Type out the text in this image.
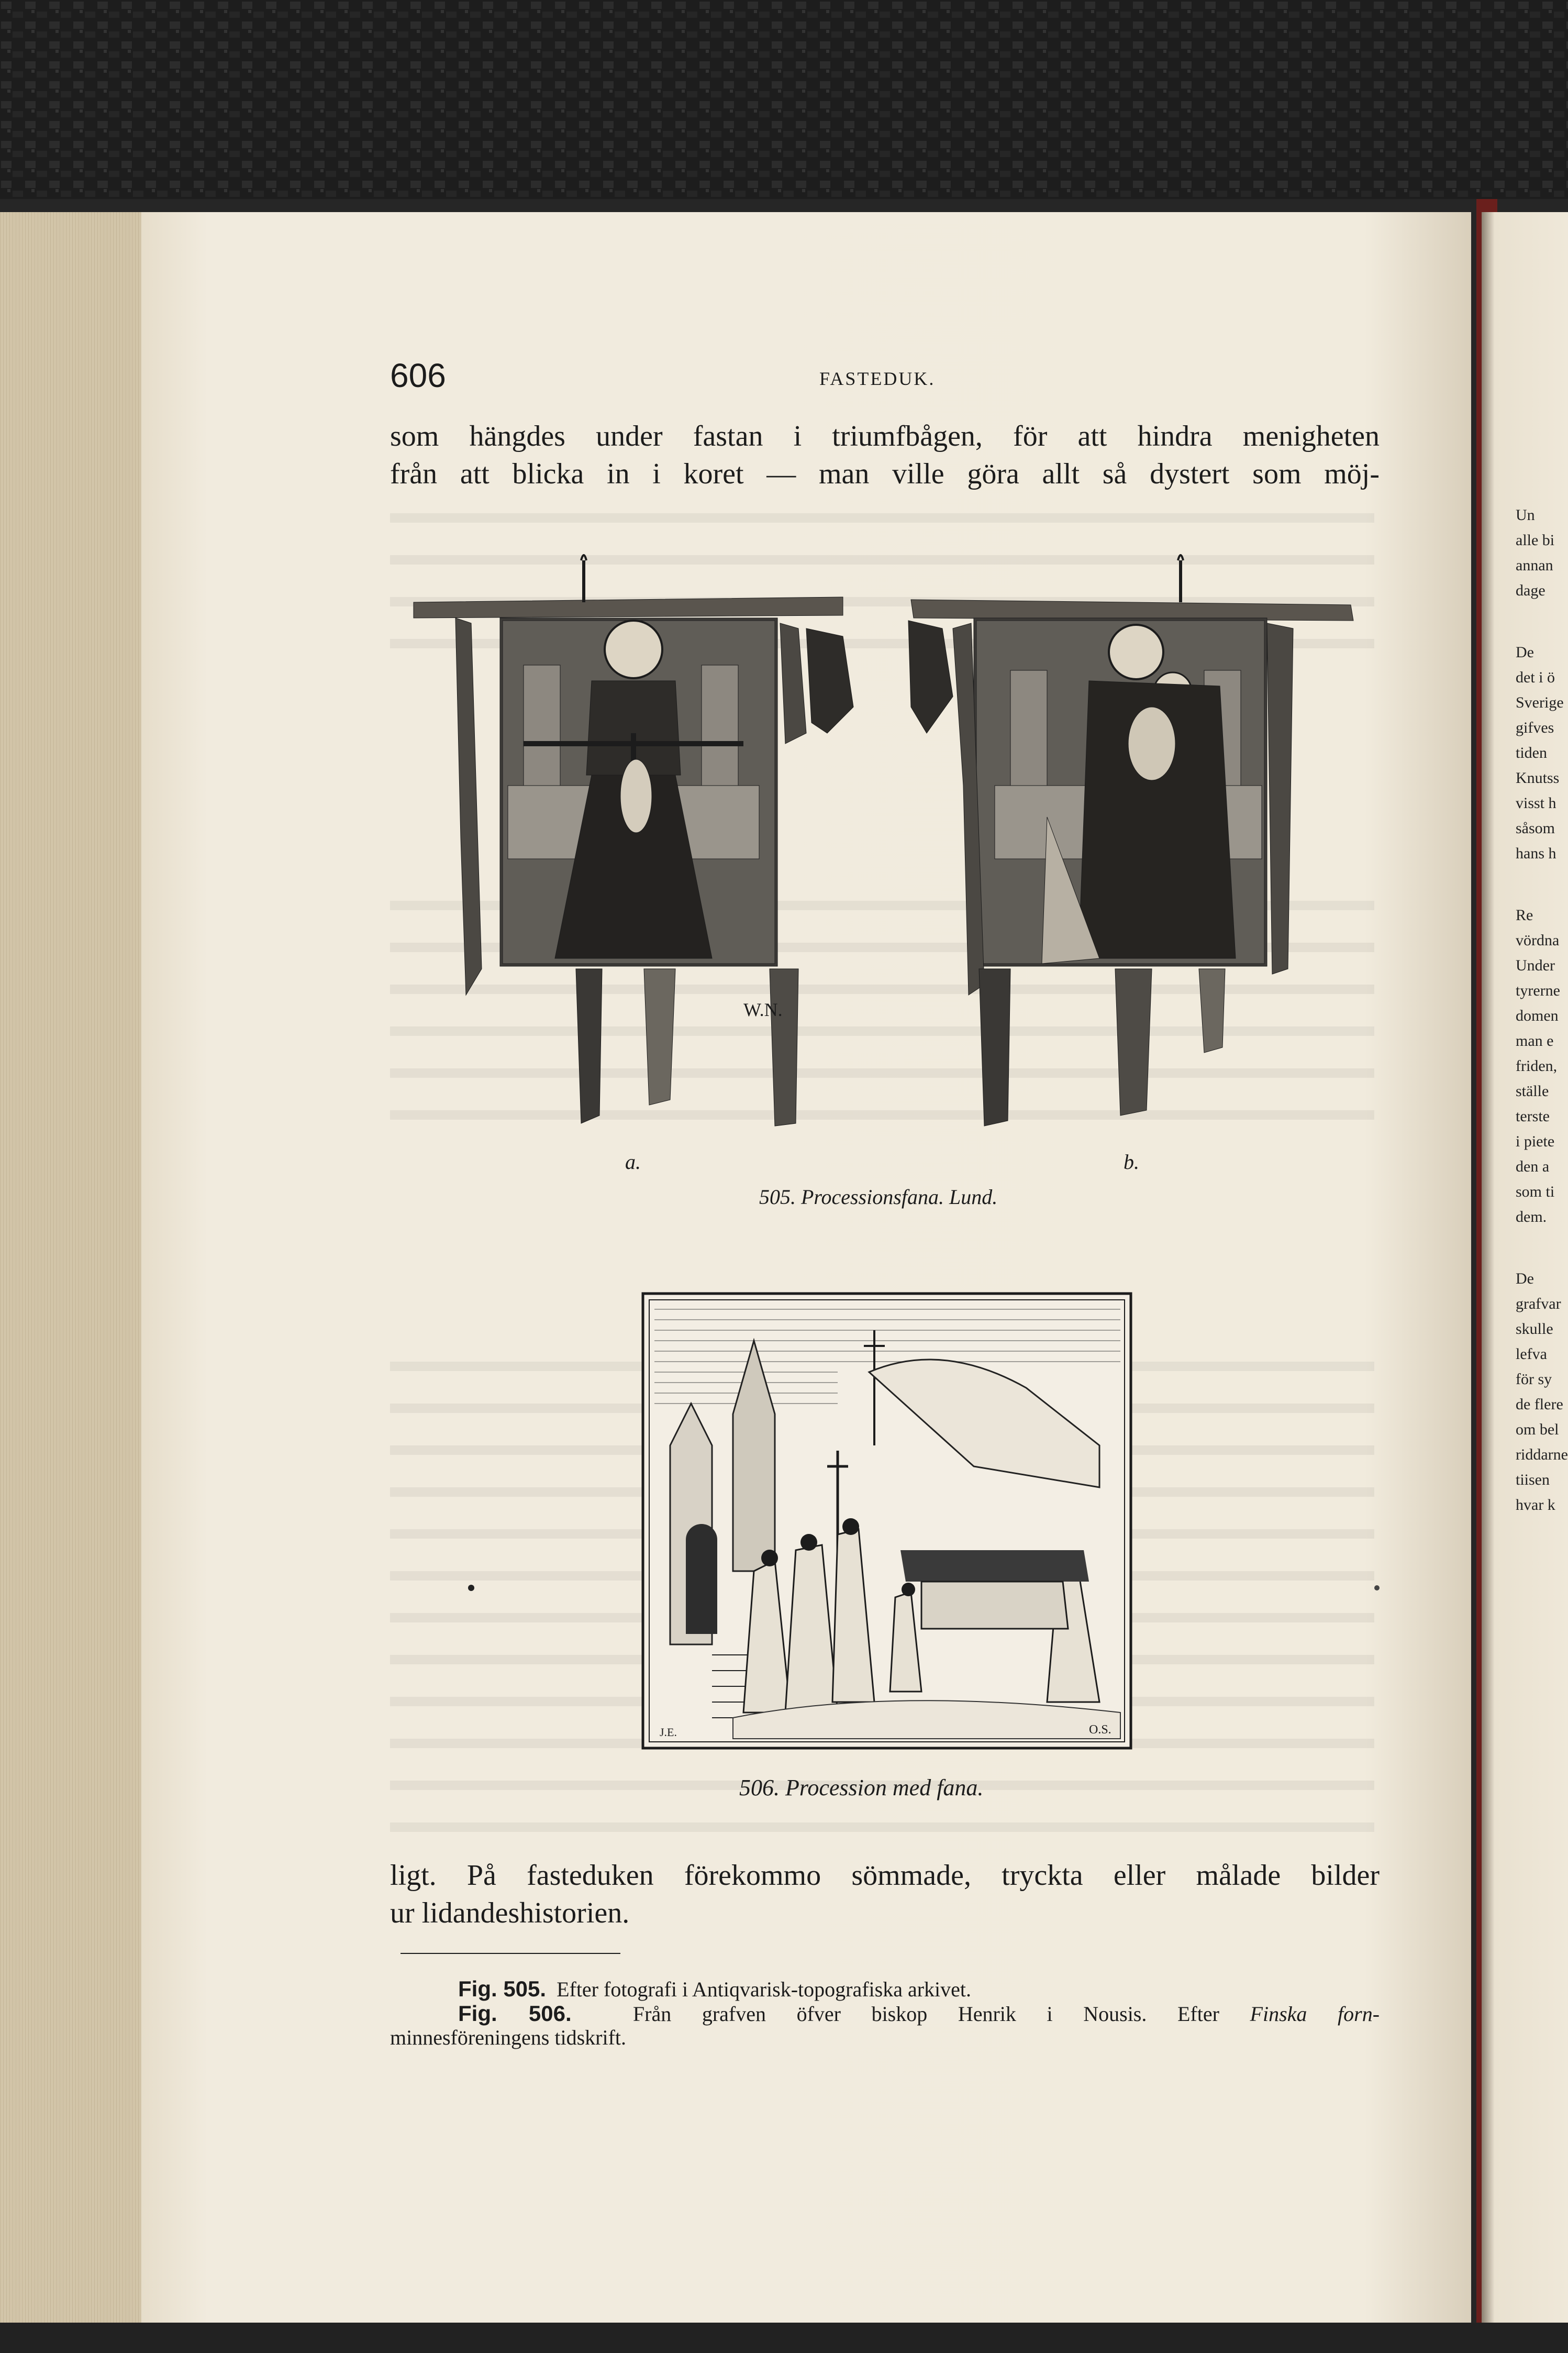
W.N.
J.E.	O.S.
606	FASTEDUK.
som hängdes under fastan i triumfbågen, för att hindra menigheten
från att blicka in i koret — man ville göra allt så dystert som möj-
a.	b.
505. Processionsfana. Lund.
506. Procession med fana.
ligt. På fasteduken förekommo sömmade, tryckta eller målade bilder
ur lidandeshistorien.
Fig. 505. Efter fotografi i Antiqvarisk-topografiska arkivet.
Fig. 506.	Från grafven öfver biskop Henrik i Nousis. Efter Finska forn-
minnesföreningens tidskrift.
Un
alle bi
annan
dage
De
det i ö
Sverige
gifves
tiden
Knutss
visst h
såsom
hans h
Re
vördna
Under
tyrerne
domen
man e
friden,
ställe
terste
i piete
den a
som ti
dem.
De
grafvar
skulle
lefva
för sy
de flere
om bel
riddarne
tiisen
hvar k
